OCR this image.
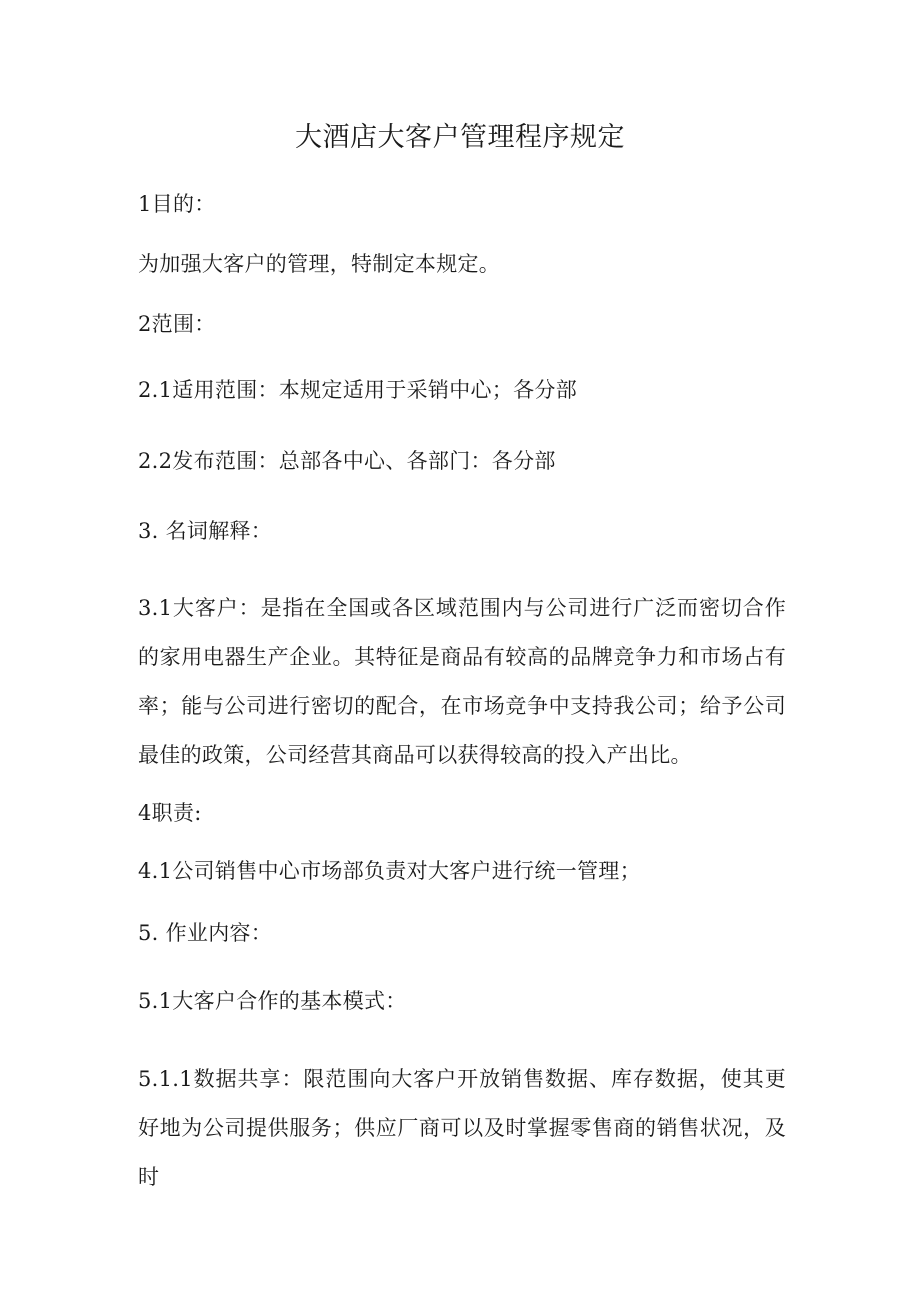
大酒店大客户管理程序规定

1目的：

为加强大客户的管理，特制定本规定。

2范围：

2.1适用范围：本规定适用于采销中心；各分部

2.2发布范围：总部各中心、各部门：各分部

3. 名词解释：

3.1大客户：是指在全国或各区域范围内与公司进行广泛而密切合作的家用电器生产企业。其特征是商品有较高的品牌竞争力和市场占有率；能与公司进行密切的配合，在市场竞争中支持我公司；给予公司最佳的政策，公司经营其商品可以获得较高的投入产出比。

4职责:

4.1公司销售中心市场部负责对大客户进行统一管理；

5. 作业内容：

5.1大客户合作的基本模式：

5.1.1数据共享：限范围向大客户开放销售数据、库存数据，使其更好地为公司提供服务；供应厂商可以及时掌握零售商的销售状况，及时
